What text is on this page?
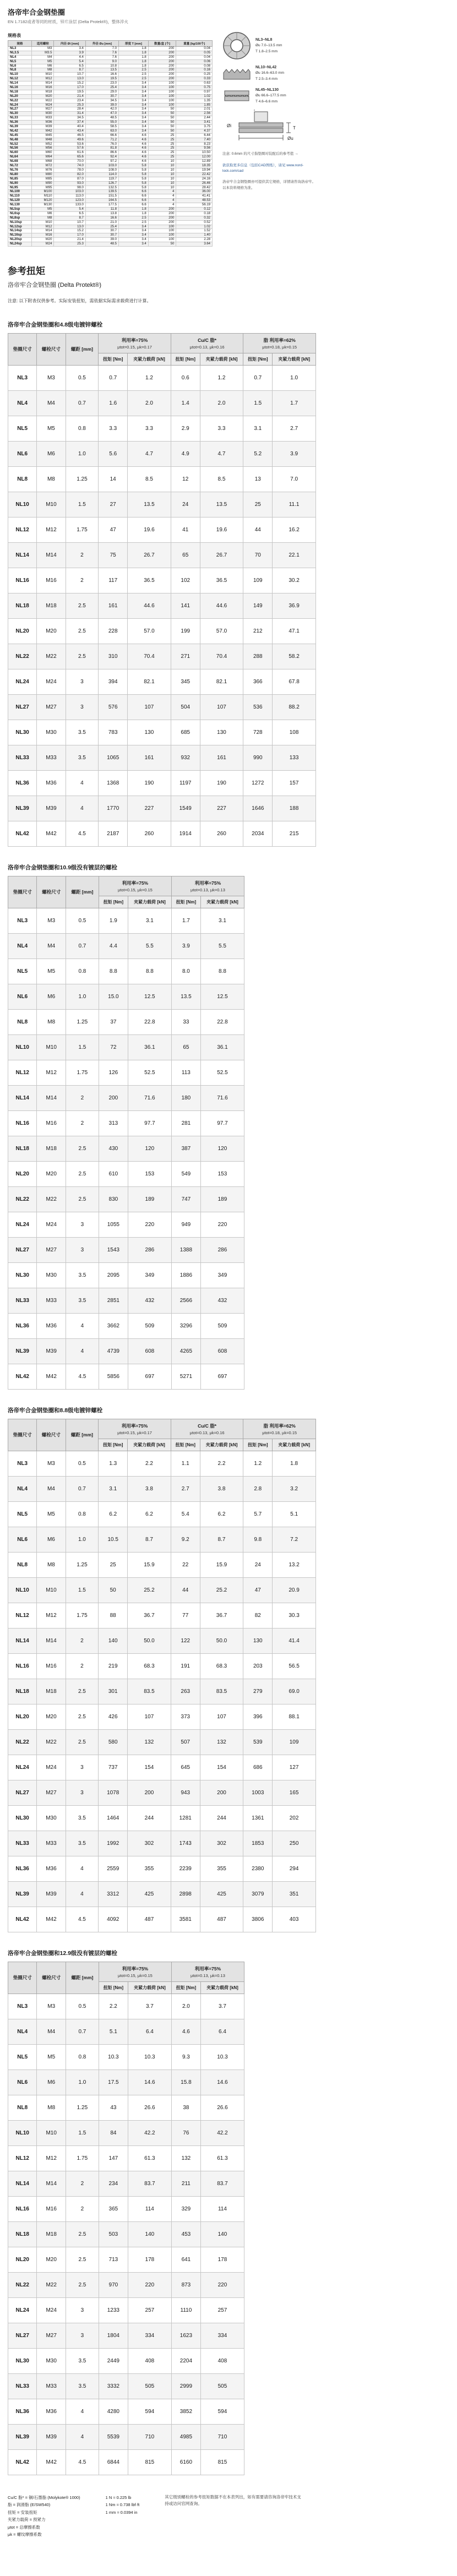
洛帝牢合金钢垫圈
EN 1.7182或者等同的材质，锌片涂层 (Delta Protekt®)，整体淬火
规格表
规格	适用螺栓	内径 Øi [mm]	外径 Øu [mm]	厚度 T [mm]	数量/盒 [个]	重量 [kg/100个]
NL3	M3	3.4	7.0	1.8	200	0.04
NL3.5	M3.5	3.9	7.6	1.8	200	0.05
NL4	M4	4.4	7.6	1.8	200	0.04
NL5	M5	5.4	9.0	1.8	200	0.06
NL6	M6	6.5	10.8	1.8	200	0.08
NL8	M8	8.7	13.5	2.5	200	0.16
NL10	M10	10.7	16.6	2.5	200	0.25
NL12	M12	13.0	19.5	2.5	200	0.33
NL14	M14	15.2	23.0	3.4	100	0.63
NL16	M16	17.0	25.4	3.4	100	0.75
NL18	M18	19.5	29.0	3.4	100	0.97
NL20	M20	21.4	30.7	3.4	100	1.02
NL22	M22	23.4	34.5	3.4	100	1.35
NL24	M24	25.3	39.0	3.4	100	1.85
NL27	M27	28.4	42.0	3.4	50	2.01
NL30	M30	31.4	47.0	3.4	50	2.56
NL33	M33	34.5	48.5	3.4	50	2.44
NL36	M36	37.4	55.0	3.4	50	3.41
NL39	M39	40.4	58.5	3.4	50	3.75
NL42	M42	43.4	63.0	3.4	50	4.37
NL45	M45	46.5	66.6	4.6	25	6.44
NL48	M48	49.6	71.2	4.6	25	7.40
NL52	M52	53.6	76.0	4.6	25	8.23
NL56	M56	57.6	81.8	4.6	25	9.56
NL60	M60	61.6	86.6	4.6	25	10.50
NL64	M64	65.6	92.4	4.6	25	12.00
NL68	M68	70.0	97.2	4.6	10	12.89
NL72	M72	74.0	103.0	5.8	10	18.35
NL76	M76	78.0	108.0	5.8	10	19.94
NL80	M80	82.0	114.0	5.8	10	22.42
NL85	M85	87.0	119.7	5.8	10	24.16
NL90	M90	93.0	126.7	5.8	10	26.46
NL95	M95	98.0	132.5	5.8	10	28.42
NL100	M100	103.0	139.5	6.6	4	36.00
NL110	M110	113.0	151.5	6.6	4	41.41
NL120	M120	123.0	164.5	6.6	4	48.53
NL130	M130	133.0	177.5	6.6	4	56.19
NL5sp	M5	5.4	11.8	1.8	200	0.12
NL6sp	M6	6.5	13.8	1.8	200	0.18
NL8sp	M8	8.7	16.6	2.5	200	0.32
NL10sp	M10	10.7	21.0	2.5	200	0.52
NL12sp	M12	13.0	25.4	3.4	100	1.02
NL14sp	M14	15.2	30.7	3.4	100	1.52
NL16sp	M16	17.0	30.7	3.4	100	1.40
NL20sp	M20	21.4	39.0	3.4	100	2.28
NL24sp	M24	25.3	48.5	3.4	50	3.64
NL3–NL8
Øu 7.0–13.5 mm
T 1.8–2.5 mm
NL10–NL42
Øu 16.6–63.0 mm
T 2.5–3.4 mm
NL45–NL130
Øu 66.6–177.5 mm
T 4.6–6.6 mm
Øu
Øi	T
注意: 0.6mm 的尺寸指垫圈对装配后的参考值 →
欲获取更多信息（包括CAD图纸），请见 www.nord-lock.com/cad
洛帝牢合金钢垫圈亦可提供其它规格，详情请咨询洛帝牢。以本资料规格为准。
参考扭矩
洛帝牢合金钢垫圈 (Delta Protekt®)
注意: 以下附表仅供参考。实际安装扭矩，需依据实际需求载荷进行计算。
洛帝牢合金钢垫圈和4.8级电镀锌螺栓
垫圈尺寸	螺栓尺寸	螺距 [mm]	
利用率=75%
μtot=0.15, μk=0.17

Cu/C 脂*
μtot=0.13, μk=0.16

脂 利用率=62%
μtot=0.18, μk=0.15

			扭矩 [Nm]	夹紧力载荷 [kN]	扭矩 [Nm]	夹紧力载荷 [kN]	扭矩 [Nm]	夹紧力载荷 [kN]
NL3	M3	0.5	0.7	1.2	0.6	1.2	0.7	1.0
NL4	M4	0.7	1.6	2.0	1.4	2.0	1.5	1.7
NL5	M5	0.8	3.3	3.3	2.9	3.3	3.1	2.7
NL6	M6	1.0	5.6	4.7	4.9	4.7	5.2	3.9
NL8	M8	1.25	14	8.5	12	8.5	13	7.0
NL10	M10	1.5	27	13.5	24	13.5	25	11.1
NL12	M12	1.75	47	19.6	41	19.6	44	16.2
NL14	M14	2	75	26.7	65	26.7	70	22.1
NL16	M16	2	117	36.5	102	36.5	109	30.2
NL18	M18	2.5	161	44.6	141	44.6	149	36.9
NL20	M20	2.5	228	57.0	199	57.0	212	47.1
NL22	M22	2.5	310	70.4	271	70.4	288	58.2
NL24	M24	3	394	82.1	345	82.1	366	67.8
NL27	M27	3	576	107	504	107	536	88.2
NL30	M30	3.5	783	130	685	130	728	108
NL33	M33	3.5	1065	161	932	161	990	133
NL36	M36	4	1368	190	1197	190	1272	157
NL39	M39	4	1770	227	1549	227	1646	188
NL42	M42	4.5	2187	260	1914	260	2034	215
洛帝牢合金钢垫圈和10.9级没有镀层的螺栓
垫圈尺寸	螺栓尺寸	螺距 [mm]	
利用率=75%
μtot=0.15, μk=0.15

利用率=75%
μtot=0.13, μk=0.13

			扭矩 [Nm]	夹紧力载荷 [kN]	扭矩 [Nm]	夹紧力载荷 [kN]
NL3	M3	0.5	1.9	3.1	1.7	3.1
NL4	M4	0.7	4.4	5.5	3.9	5.5
NL5	M5	0.8	8.8	8.8	8.0	8.8
NL6	M6	1.0	15.0	12.5	13.5	12.5
NL8	M8	1.25	37	22.8	33	22.8
NL10	M10	1.5	72	36.1	65	36.1
NL12	M12	1.75	126	52.5	113	52.5
NL14	M14	2	200	71.6	180	71.6
NL16	M16	2	313	97.7	281	97.7
NL18	M18	2.5	430	120	387	120
NL20	M20	2.5	610	153	549	153
NL22	M22	2.5	830	189	747	189
NL24	M24	3	1055	220	949	220
NL27	M27	3	1543	286	1388	286
NL30	M30	3.5	2095	349	1886	349
NL33	M33	3.5	2851	432	2566	432
NL36	M36	4	3662	509	3296	509
NL39	M39	4	4739	608	4265	608
NL42	M42	4.5	5856	697	5271	697
洛帝牢合金钢垫圈和8.8级电镀锌螺栓
垫圈尺寸	螺栓尺寸	螺距 [mm]	
利用率=75%
μtot=0.15, μk=0.17

Cu/C 脂*
μtot=0.13, μk=0.16

脂 利用率=62%
μtot=0.18, μk=0.15

			扭矩 [Nm]	夹紧力载荷 [kN]	扭矩 [Nm]	夹紧力载荷 [kN]	扭矩 [Nm]	夹紧力载荷 [kN]
NL3	M3	0.5	1.3	2.2	1.1	2.2	1.2	1.8
NL4	M4	0.7	3.1	3.8	2.7	3.8	2.8	3.2
NL5	M5	0.8	6.2	6.2	5.4	6.2	5.7	5.1
NL6	M6	1.0	10.5	8.7	9.2	8.7	9.8	7.2
NL8	M8	1.25	25	15.9	22	15.9	24	13.2
NL10	M10	1.5	50	25.2	44	25.2	47	20.9
NL12	M12	1.75	88	36.7	77	36.7	82	30.3
NL14	M14	2	140	50.0	122	50.0	130	41.4
NL16	M16	2	219	68.3	191	68.3	203	56.5
NL18	M18	2.5	301	83.5	263	83.5	279	69.0
NL20	M20	2.5	426	107	373	107	396	88.1
NL22	M22	2.5	580	132	507	132	539	109
NL24	M24	3	737	154	645	154	686	127
NL27	M27	3	1078	200	943	200	1003	165
NL30	M30	3.5	1464	244	1281	244	1361	202
NL33	M33	3.5	1992	302	1743	302	1853	250
NL36	M36	4	2559	355	2239	355	2380	294
NL39	M39	4	3312	425	2898	425	3079	351
NL42	M42	4.5	4092	487	3581	487	3806	403
洛帝牢合金钢垫圈和12.9级没有镀层的螺栓
垫圈尺寸	螺栓尺寸	螺距 [mm]	
利用率=75%
μtot=0.15, μk=0.15

利用率=75%
μtot=0.13, μk=0.13

			扭矩 [Nm]	夹紧力载荷 [kN]	扭矩 [Nm]	夹紧力载荷 [kN]
NL3	M3	0.5	2.2	3.7	2.0	3.7
NL4	M4	0.7	5.1	6.4	4.6	6.4
NL5	M5	0.8	10.3	10.3	9.3	10.3
NL6	M6	1.0	17.5	14.6	15.8	14.6
NL8	M8	1.25	43	26.6	38	26.6
NL10	M10	1.5	84	42.2	76	42.2
NL12	M12	1.75	147	61.3	132	61.3
NL14	M14	2	234	83.7	211	83.7
NL16	M16	2	365	114	329	114
NL18	M18	2.5	503	140	453	140
NL20	M20	2.5	713	178	641	178
NL22	M22	2.5	970	220	873	220
NL24	M24	3	1233	257	1110	257
NL27	M27	3	1804	334	1623	334
NL30	M30	3.5	2449	408	2204	408
NL33	M33	3.5	3332	505	2999	505
NL36	M36	4	4280	594	3852	594
NL39	M39	4	5539	710	4985	710
NL42	M42	4.5	6844	815	6160	815
Cu/C 脂* = 铜/石墨脂 (Molykote® 1000)
脂 = 润滑脂 (E/SW540)
扭矩 = 安装扭矩
夹紧力载荷 = 预紧力
μtot = 总摩擦系数
μk = 螺纹摩擦系数
1 N ≈ 0.225 lb
1 Nm ≈ 0.738 lbf·ft
1 mm ≈ 0.0394 in
其它级别螺栓的参考扭矩数据不在本表列出，如有需要请咨询洛帝牢技术支持或访问官网查询。
